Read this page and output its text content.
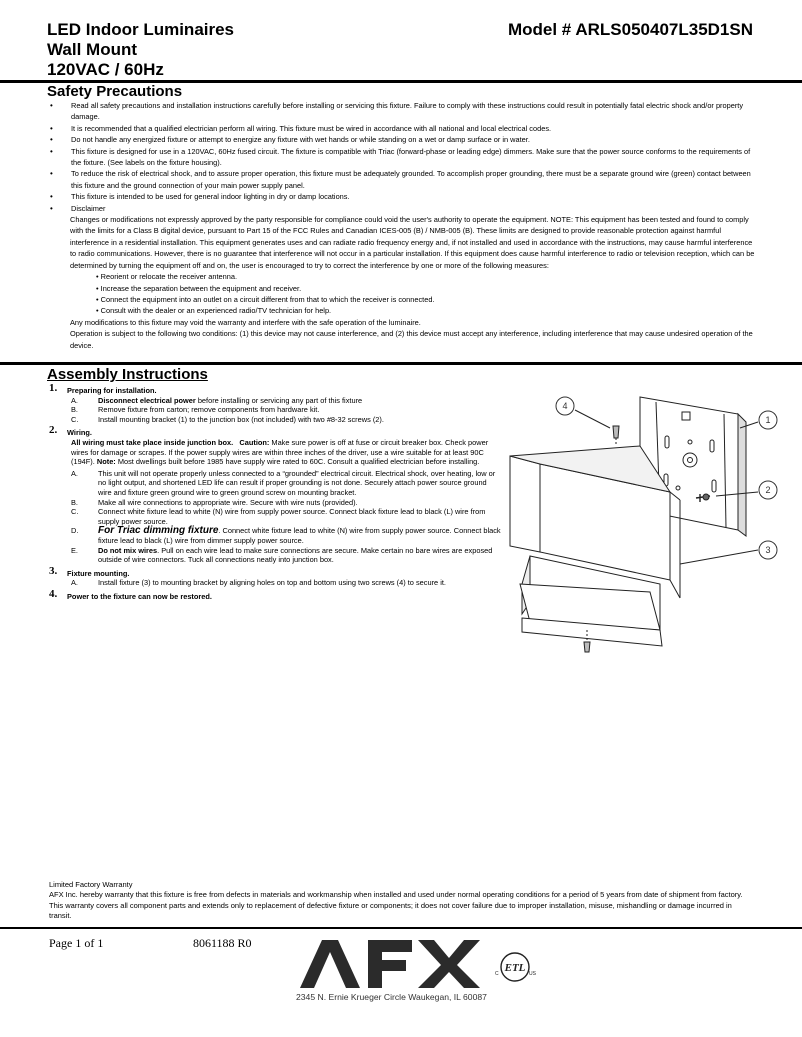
LED Indoor Luminaires
Wall Mount
120VAC / 60Hz
Model # ARLS050407L35D1SN
Safety Precautions
• Read all safety precautions and installation instructions carefully before installing or servicing this fixture. Failure to comply with these instructions could result in potentially fatal electric shock and/or property damage.
• It is recommended that a qualified electrician perform all wiring. This fixture must be wired in accordance with all national and local electrical codes.
• Do not handle any energized fixture or attempt to energize any fixture with wet hands or while standing on a wet or damp surface or in water.
• This fixture is designed for use in a 120VAC, 60Hz fused circuit. The fixture is compatible with Triac (forward-phase or leading edge) dimmers. Make sure that the power source conforms to the requirements of the fixture. (See labels on the fixture housing).
• To reduce the risk of electrical shock, and to assure proper operation, this fixture must be adequately grounded. To accomplish proper grounding, there must be a separate ground wire (green) contact between this fixture and the ground connection of your main power supply panel.
• This fixture is intended to be used for general indoor lighting in dry or damp locations.
• Disclaimer
Changes or modifications not expressly approved by the party responsible for compliance could void the user's authority to operate the equipment. NOTE: This equipment has been tested and found to comply with the limits for a Class B digital device, pursuant to Part 15 of the FCC Rules and Canadian ICES-005 (B) / NMB-005 (B). These limits are designed to provide reasonable protection against harmful interference in a residential installation. This equipment generates uses and can radiate radio frequency energy and, if not installed and used in accordance with the instructions, may cause harmful interference to radio communications. However, there is no guarantee that interference will not occur in a particular installation. If this equipment does cause harmful interference to radio or television reception, which can be determined by turning the equipment off and on, the user is encouraged to try to correct the interference by one or more of the following measures:
• Reorient or relocate the receiver antenna.
• Increase the separation between the equipment and receiver.
• Connect the equipment into an outlet on a circuit different from that to which the receiver is connected.
• Consult with the dealer or an experienced radio/TV technician for help.
Any modifications to this fixture may void the warranty and interfere with the safe operation of the luminaire.
Operation is subject to the following two conditions: (1) this device may not cause interference, and (2) this device must accept any interference, including interference that may cause undesired operation of the device.
Assembly Instructions
1. Preparing for installation.
A.	Disconnect electrical power before installing or servicing any part of this fixture
B.	Remove fixture from carton; remove components from hardware kit.
C.	Install mounting bracket (1) to the junction box (not included) with two #8-32 screws (2).
2. Wiring.
All wiring must take place inside junction box. Caution: Make sure power is off at fuse or circuit breaker box. Check power wires for damage or scrapes. If the power supply wires are within three inches of the driver, use a wire suitable for at least 90C (194F). Note: Most dwellings built before 1985 have supply wire rated to 60C. Consult a qualified electrician before installing.
A.	This unit will not operate properly unless connected to a “grounded” electrical circuit. Electrical shock, over heating, low or no light output, and shortened LED life can result if proper grounding is not done. Securely attach power source ground wire and fixture green ground wire to green ground screw on mounting bracket.
B.	Make all wire connections to appropriate wire. Secure with wire nuts (provided).
C.	Connect white fixture lead to white (N) wire from supply power source. Connect black fixture lead to black (L) wire from supply power source.
D. For Triac dimming fixture. Connect white fixture lead to white (N) wire from supply power source. Connect black fixture lead to black (L) wire from dimmer supply power source.
E.	Do not mix wires. Pull on each wire lead to make sure connections are secure. Make certain no bare wires are exposed outside of wire connectors. Tuck all connections neatly into junction box.
3. Fixture mounting.
A.	Install fixture (3) to mounting bracket by aligning holes on top and bottom using two screws (4) to secure it.
4. Power to the fixture can now be restored.
4
1
2
3
Limited Factory Warranty
AFX Inc. hereby warranty that this fixture is free from defects in materials and workmanship when installed and used under normal operating conditions for a period of 5 years from date of shipment from factory. This warranty covers all component parts and extends only to replacement of defective fixture or components; it does not cover failure due to improper installation, misuse, mishandling or damage incurred in transit.
Page 1 of 1	8061188 R0	AFX
ETL
C	US
2345 N. Ernie Krueger Circle Waukegan, IL 60087
